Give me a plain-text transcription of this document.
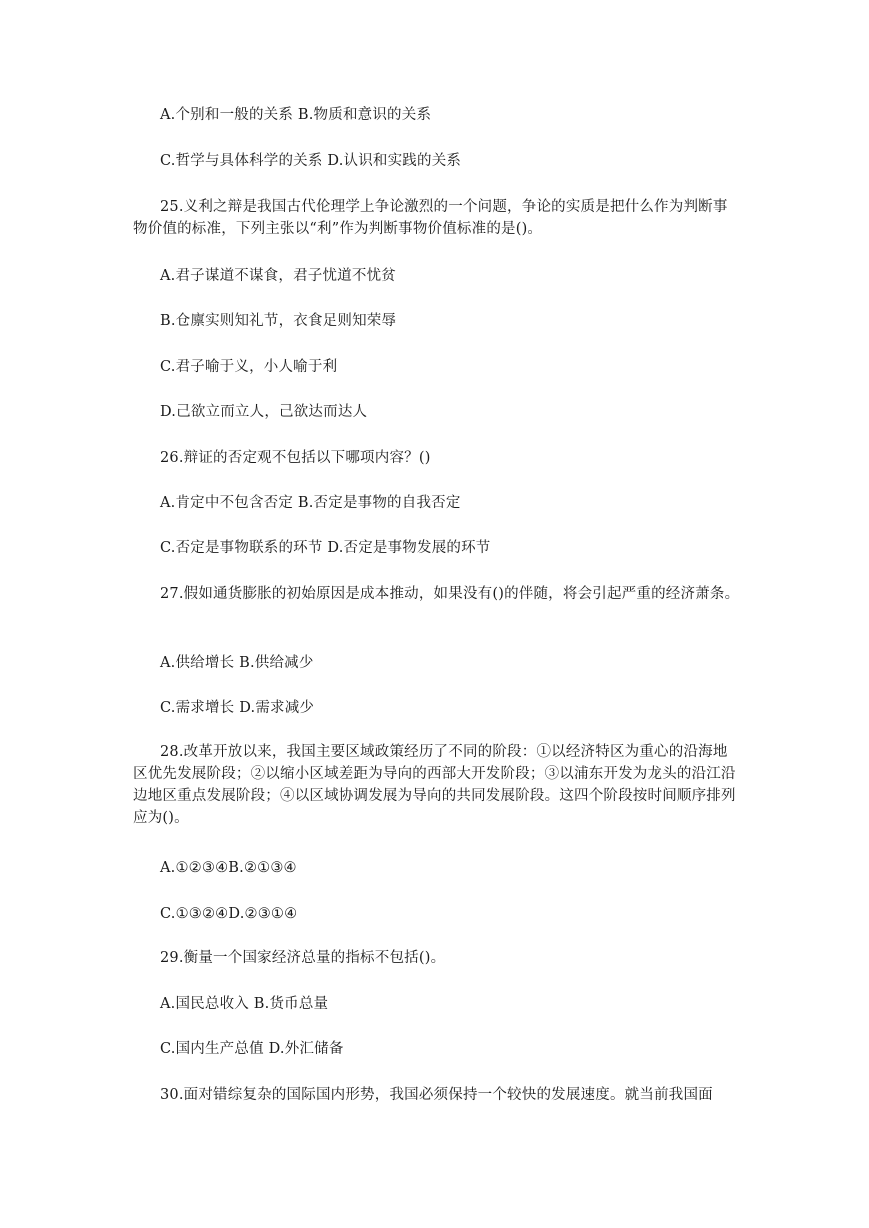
A.个别和一般的关系 B.物质和意识的关系
C.哲学与具体科学的关系 D.认识和实践的关系
25.义利之辩是我国古代伦理学上争论激烈的一个问题，争论的实质是把什么作为判断事物价值的标准，下列主张以“利”作为判断事物价值标准的是()。
A.君子谋道不谋食，君子忧道不忧贫
B.仓廪实则知礼节，衣食足则知荣辱
C.君子喻于义，小人喻于利
D.己欲立而立人，己欲达而达人
26.辩证的否定观不包括以下哪项内容？()
A.肯定中不包含否定 B.否定是事物的自我否定
C.否定是事物联系的环节 D.否定是事物发展的环节
27.假如通货膨胀的初始原因是成本推动，如果没有()的伴随，将会引起严重的经济萧条。
A.供给增长 B.供给减少
C.需求增长 D.需求减少
28.改革开放以来，我国主要区域政策经历了不同的阶段：①以经济特区为重心的沿海地区优先发展阶段；②以缩小区域差距为导向的西部大开发阶段；③以浦东开发为龙头的沿江沿边地区重点发展阶段；④以区域协调发展为导向的共同发展阶段。这四个阶段按时间顺序排列应为()。
A.①②③④B.②①③④
C.①③②④D.②③①④
29.衡量一个国家经济总量的指标不包括()。
A.国民总收入 B.货币总量
C.国内生产总值 D.外汇储备
30.面对错综复杂的国际国内形势，我国必须保持一个较快的发展速度。就当前我国面
